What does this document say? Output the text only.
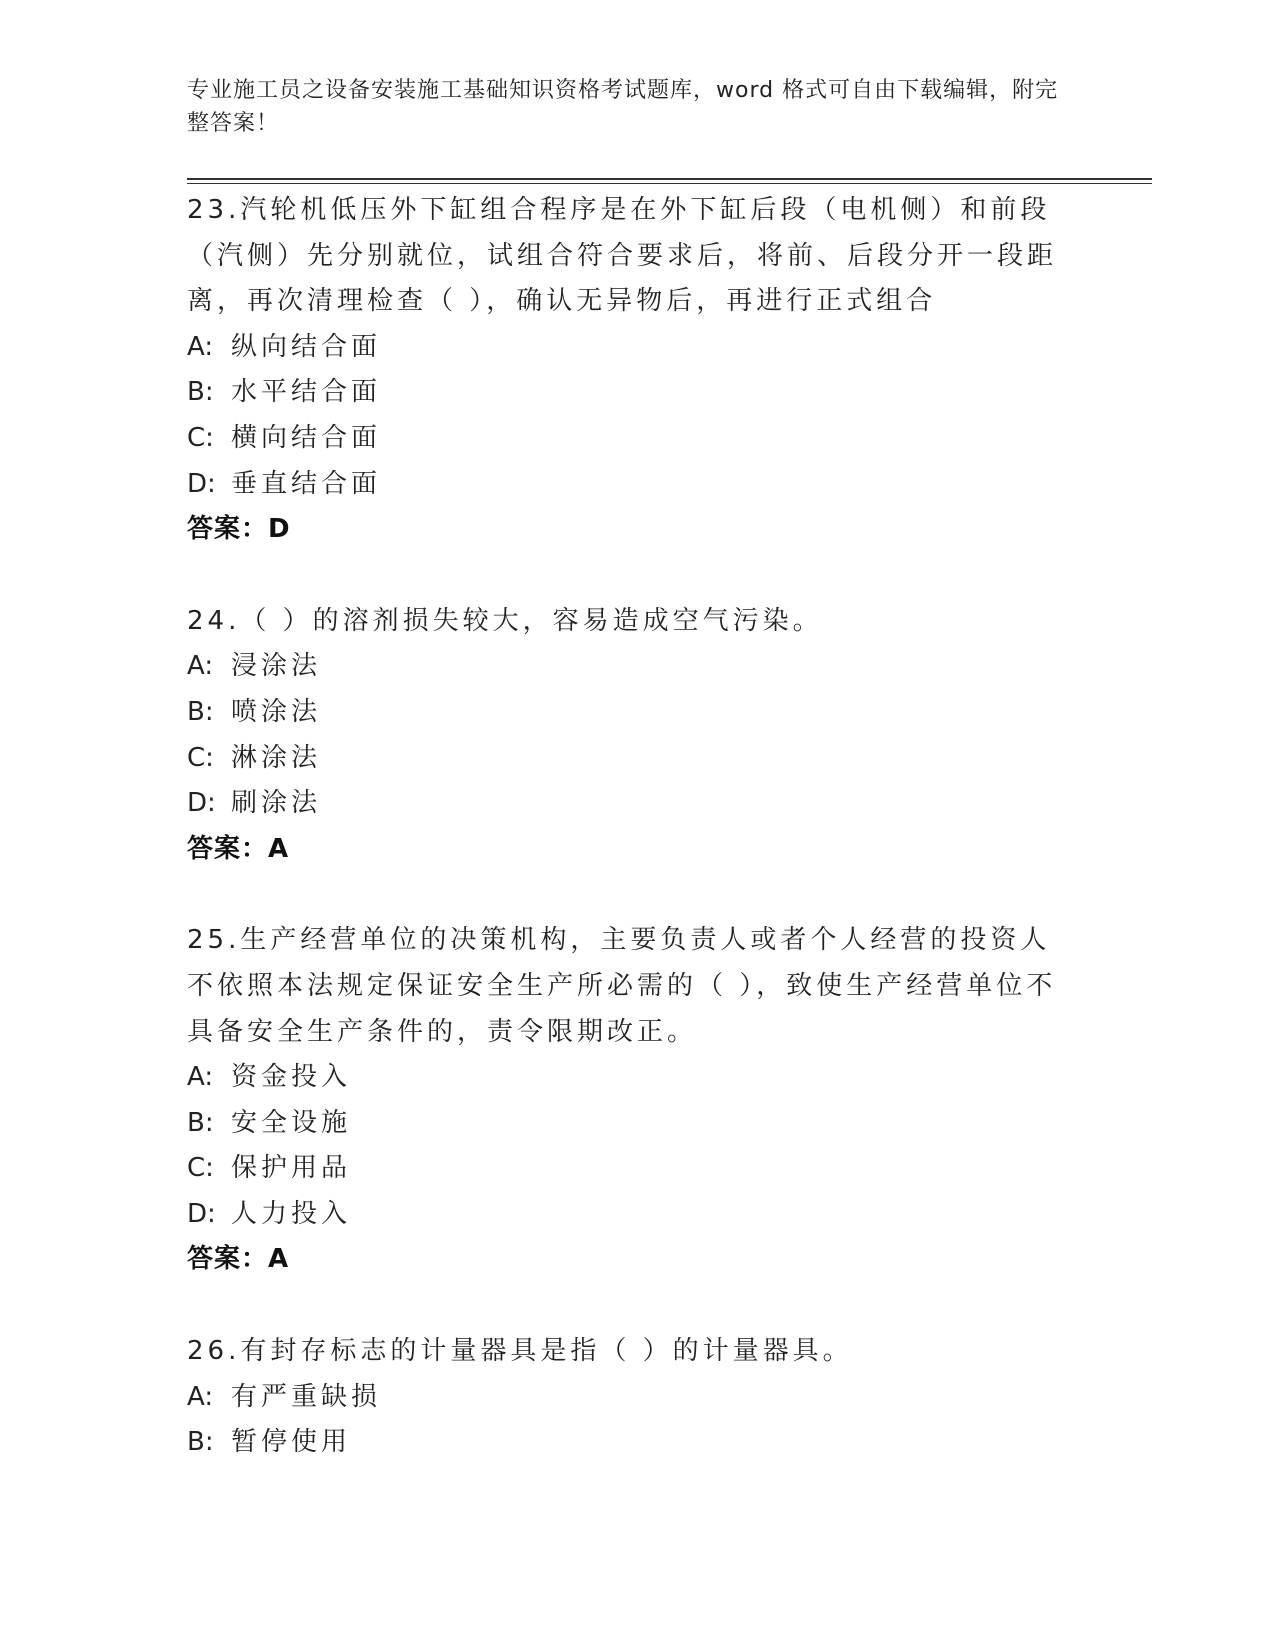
专业施工员之设备安装施工基础知识资格考试题库，word 格式可自由下载编辑，附完整答案！
23.汽轮机低压外下缸组合程序是在外下缸后段（电机侧）和前段（汽侧）先分别就位，试组合符合要求后，将前、后段分开一段距离，再次清理检查（ ），确认无异物后，再进行正式组合
A: 纵向结合面
B: 水平结合面
C: 横向结合面
D: 垂直结合面
答案：D
24.（ ）的溶剂损失较大，容易造成空气污染。
A: 浸涂法
B: 喷涂法
C: 淋涂法
D: 刷涂法
答案：A
25.生产经营单位的决策机构，主要负责人或者个人经营的投资人不依照本法规定保证安全生产所必需的（ ），致使生产经营单位不具备安全生产条件的，责令限期改正。
A: 资金投入
B: 安全设施
C: 保护用品
D: 人力投入
答案：A
26.有封存标志的计量器具是指（ ）的计量器具。
A: 有严重缺损
B: 暂停使用
